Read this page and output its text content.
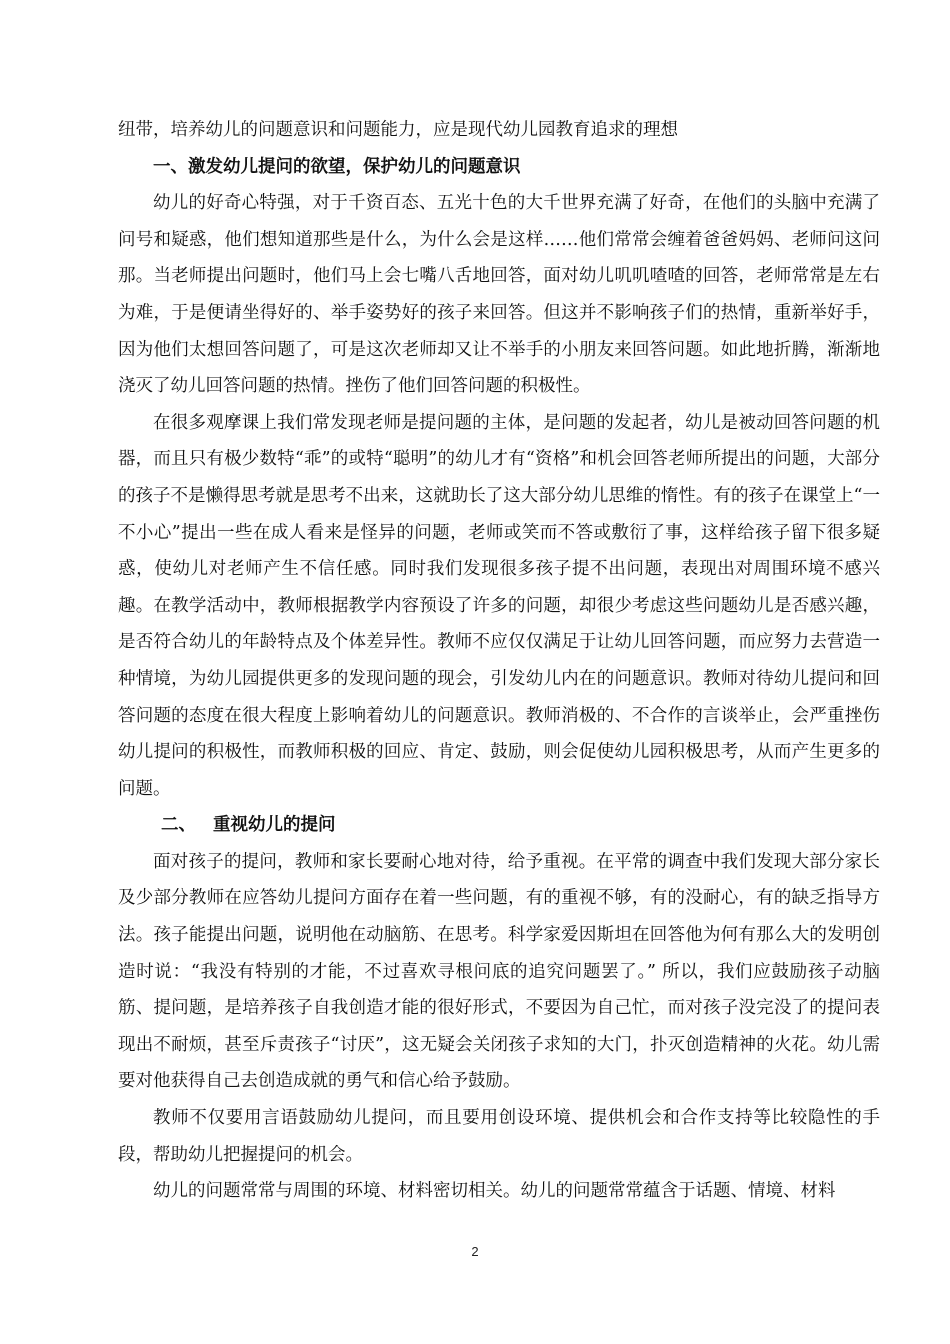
纽带，培养幼儿的问题意识和问题能力，应是现代幼儿园教育追求的理想

一、激发幼儿提问的欲望，保护幼儿的问题意识

幼儿的好奇心特强，对于千资百态、五光十色的大千世界充满了好奇，在他们的头脑中充满了问号和疑惑，他们想知道那些是什么，为什么会是这样……他们常常会缠着爸爸妈妈、老师问这问那。当老师提出问题时，他们马上会七嘴八舌地回答，面对幼儿叽叽喳喳的回答，老师常常是左右为难，于是便请坐得好的、举手姿势好的孩子来回答。但这并不影响孩子们的热情，重新举好手，因为他们太想回答问题了，可是这次老师却又让不举手的小朋友来回答问题。如此地折腾，渐渐地浇灭了幼儿回答问题的热情。挫伤了他们回答问题的积极性。

在很多观摩课上我们常发现老师是提问题的主体，是问题的发起者，幼儿是被动回答问题的机器，而且只有极少数特“乖”的或特“聪明”的幼儿才有“资格”和机会回答老师所提出的问题，大部分的孩子不是懒得思考就是思考不出来，这就助长了这大部分幼儿思维的惰性。有的孩子在课堂上“一不小心”提出一些在成人看来是怪异的问题，老师或笑而不答或敷衍了事，这样给孩子留下很多疑惑，使幼儿对老师产生不信任感。同时我们发现很多孩子提不出问题，表现出对周围环境不感兴趣。在教学活动中，教师根据教学内容预设了许多的问题，却很少考虑这些问题幼儿是否感兴趣，是否符合幼儿的年龄特点及个体差异性。教师不应仅仅满足于让幼儿回答问题，而应努力去营造一种情境，为幼儿园提供更多的发现问题的现会，引发幼儿内在的问题意识。教师对待幼儿提问和回答问题的态度在很大程度上影响着幼儿的问题意识。教师消极的、不合作的言谈举止，会严重挫伤幼儿提问的积极性，而教师积极的回应、肯定、鼓励，则会促使幼儿园积极思考，从而产生更多的问题。

二、 重视幼儿的提问

面对孩子的提问，教师和家长要耐心地对待，给予重视。在平常的调查中我们发现大部分家长及少部分教师在应答幼儿提问方面存在着一些问题，有的重视不够，有的没耐心，有的缺乏指导方法。孩子能提出问题，说明他在动脑筋、在思考。科学家爱因斯坦在回答他为何有那么大的发明创造时说：“我没有特别的才能，不过喜欢寻根问底的追究问题罢了。” 所以，我们应鼓励孩子动脑筋、提问题，是培养孩子自我创造才能的很好形式，不要因为自己忙，而对孩子没完没了的提问表现出不耐烦，甚至斥责孩子“讨厌”，这无疑会关闭孩子求知的大门，扑灭创造精神的火花。幼儿需要对他获得自己去创造成就的勇气和信心给予鼓励。

教师不仅要用言语鼓励幼儿提问，而且要用创设环境、提供机会和合作支持等比较隐性的手段，帮助幼儿把握提问的机会。

幼儿的问题常常与周围的环境、材料密切相关。幼儿的问题常常蕴含于话题、情境、材料

2
